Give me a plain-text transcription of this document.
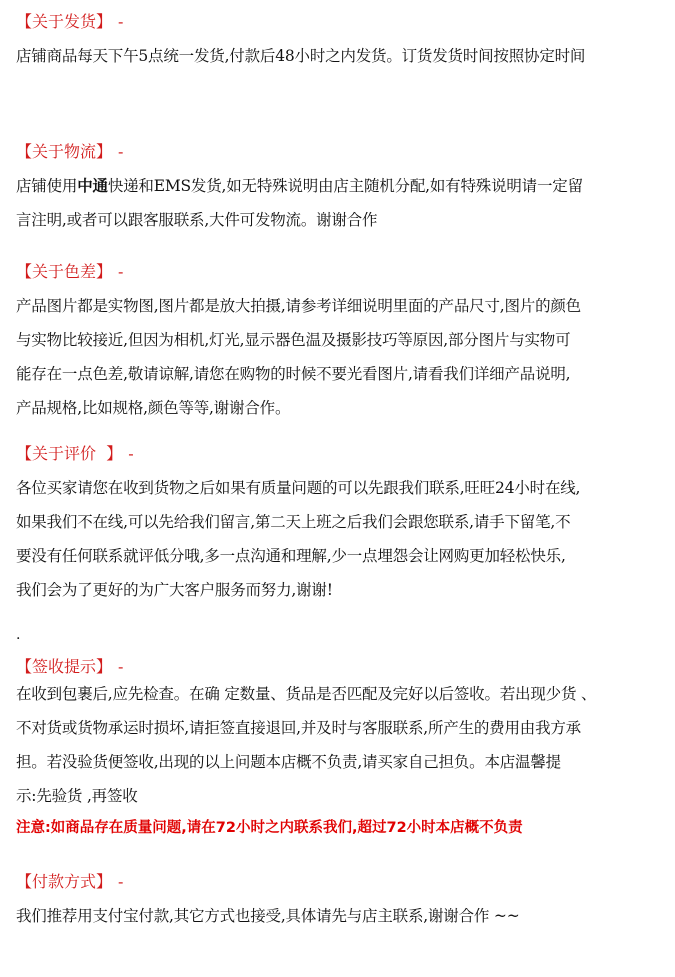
【关于发货】 -
店铺商品每天下午5点统一发货,付款后48小时之内发货。订货发货时间按照协定时间
【关于物流】 -
店铺使用中通快递和EMS发货,如无特殊说明由店主随机分配,如有特殊说明请一定留
言注明,或者可以跟客服联系,大件可发物流。谢谢合作
【关于色差】 -
产品图片都是实物图,图片都是放大拍摄,请参考详细说明里面的产品尺寸,图片的颜色
与实物比较接近,但因为相机,灯光,显示器色温及摄影技巧等原因,部分图片与实物可
能存在一点色差,敬请谅解,请您在购物的时候不要光看图片,请看我们详细产品说明,
产品规格,比如规格,颜色等等,谢谢合作。
【关于评价  】 -
各位买家请您在收到货物之后如果有质量问题的可以先跟我们联系,旺旺24小时在线,
如果我们不在线,可以先给我们留言,第二天上班之后我们会跟您联系,请手下留笔,不
要没有任何联系就评低分哦,多一点沟通和理解,少一点埋怨会让网购更加轻松快乐,
我们会为了更好的为广大客户服务而努力,谢谢!
.
【签收提示】 -
在收到包裹后,应先检查。在确 定数量、货品是否匹配及完好以后签收。若出现少货 、
不对货或货物承运时损坏,请拒签直接退回,并及时与客服联系,所产生的费用由我方承
担。若没验货便签收,出现的以上问题本店概不负责,请买家自己担负。本店温馨提
示:先验货 ,再签收
注意:如商品存在质量问题,请在72小时之内联系我们,超过72小时本店概不负责
【付款方式】 -
我们推荐用支付宝付款,其它方式也接受,具体请先与店主联系,谢谢合作 ~~
